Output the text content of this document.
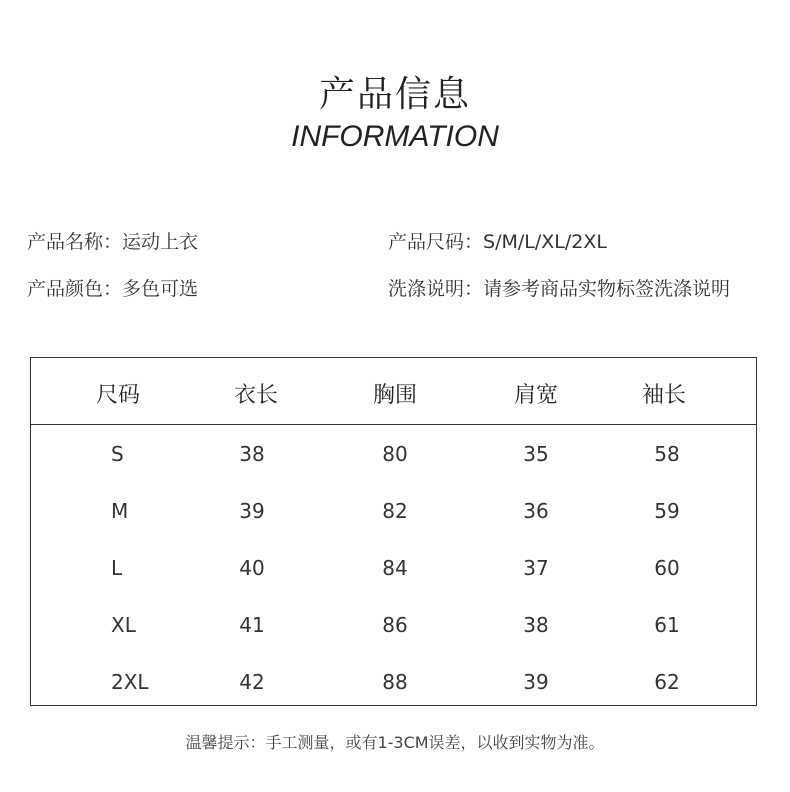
产品信息
INFORMATION
产品名称：运动上衣	产品尺码：S/M/L/XL/2XL
产品颜色：多色可选	洗涤说明：请参考商品实物标签洗涤说明
尺码	衣长	胸围	肩宽	袖长
S	38	80	35	58
M	39	82	36	59
L	40	84	37	60
XL	41	86	38	61
2XL	42	88	39	62
温馨提示：手工测量，或有1-3CM误差，以收到实物为准。
